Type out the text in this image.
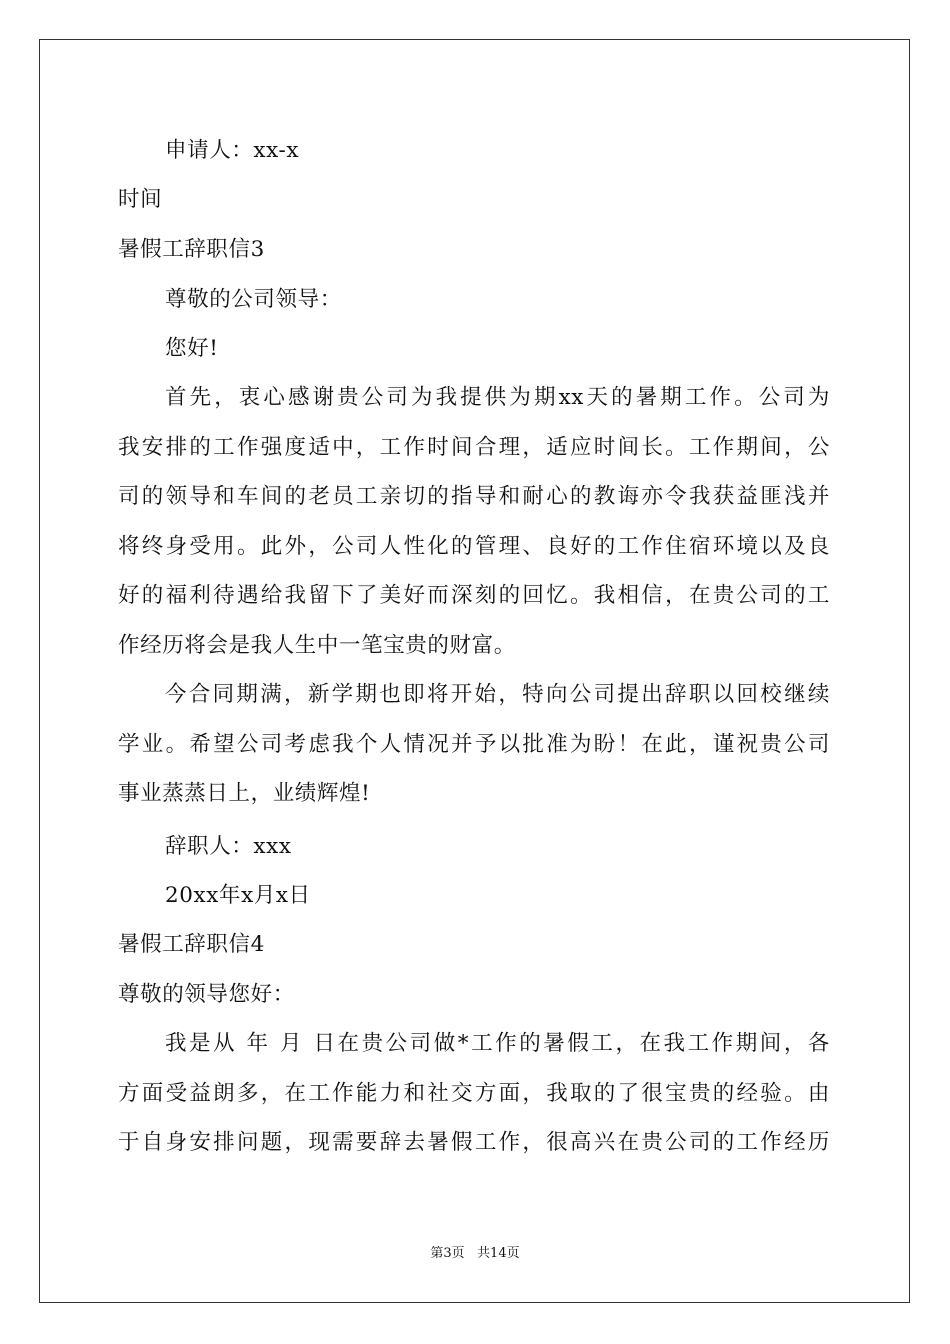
申请人：xx-x
时间
暑假工辞职信3
尊敬的公司领导：
您好!
首先，衷心感谢贵公司为我提供为期xx天的暑期工作。公司为
我安排的工作强度适中，工作时间合理，适应时间长。工作期间，公
司的领导和车间的老员工亲切的指导和耐心的教诲亦令我获益匪浅并
将终身受用。此外，公司人性化的管理、良好的工作住宿环境以及良
好的福利待遇给我留下了美好而深刻的回忆。我相信，在贵公司的工
作经历将会是我人生中一笔宝贵的财富。
今合同期满，新学期也即将开始，特向公司提出辞职以回校继续
学业。希望公司考虑我个人情况并予以批准为盼！在此，谨祝贵公司
事业蒸蒸日上，业绩辉煌!
辞职人：xxx
20xx年x月x日
暑假工辞职信4
尊敬的领导您好：
我是从 年 月 日在贵公司做*工作的暑假工，在我工作期间，各
方面受益朗多，在工作能力和社交方面，我取的了很宝贵的经验。由
于自身安排问题，现需要辞去暑假工作，很高兴在贵公司的工作经历
第3页   共14页
